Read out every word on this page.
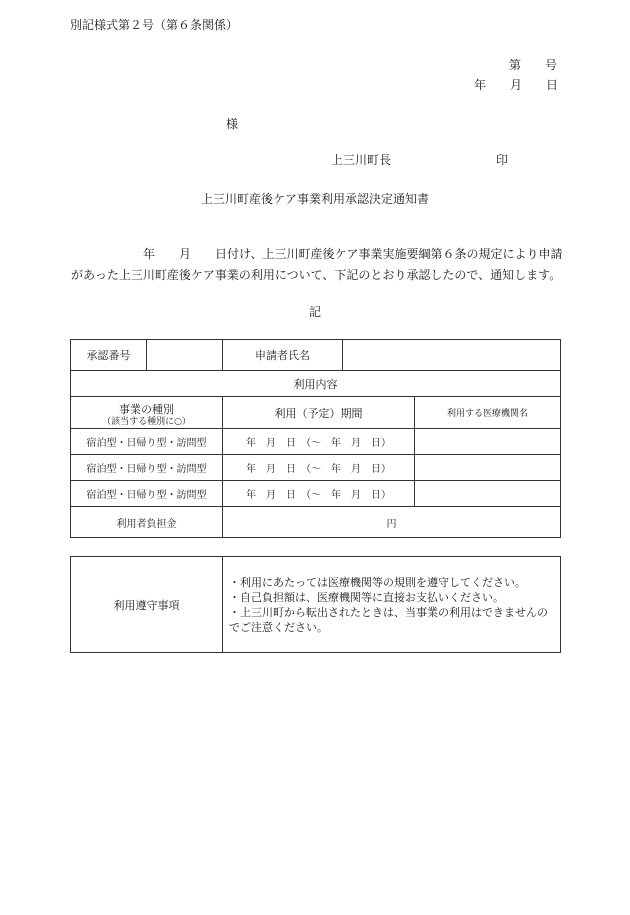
別記様式第２号（第６条関係）
第　　号
年　　月　　日
様
上三川町長	印
上三川町産後ケア事業利用承認決定通知書
年　　月　　日付け、上三川町産後ケア事業実施要綱第６条の規定により申請
があった上三川町産後ケア事業の利用について、下記のとおり承認したので、通知します。
記
承認番号		申請者氏名		
利用内容				
事業の種別
（該当する種別に○）		利用（予定）期間		利用する医療機関名
宿泊型・日帰り型・訪問型		年　月　日　（～　年　月　日）		
宿泊型・日帰り型・訪問型		年　月　日　（～　年　月　日）		
宿泊型・日帰り型・訪問型		年　月　日　（～　年　月　日）		
利用者負担金		円		
利用遵守事項	
・利用にあたっては医療機関等の規則を遵守してください。
・自己負担額は、医療機関等に直接お支払いください。
・上三川町から転出されたときは、当事業の利用はできませんのでご注意ください。
